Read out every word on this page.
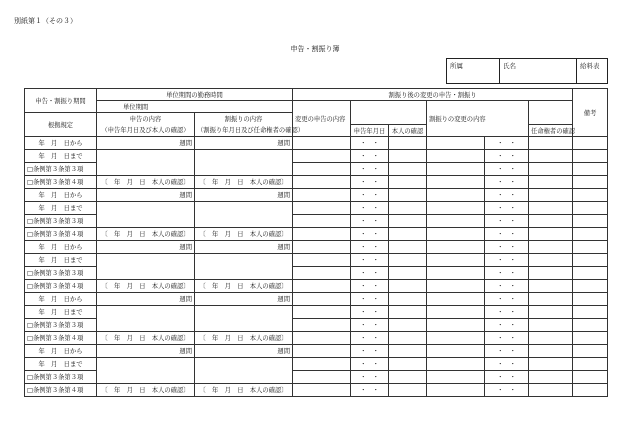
別紙第１（その３）
申告・割振り簿
所属	氏名	給料表
申告・割振り期間	単位期間の勤務時間		割振り後の変更の申告・割振り						備考
	単位期間		変更の申告の内容			割振りの変更の内容			
根拠規定	申告の内容	割振りの内容							
	（申告年月日及び本人の確認）	（割振り年月日及び任命権者の確認）		申告年月日	本人の確認			任命権者の確認	
年　月　日から	週間	週間		・　・			・　・		
年　月　日まで				・　・			・　・		
□条例第３条第３項				・　・			・　・		
□条例第３条第４項	〔　年　月　日　本人の確認〕	〔　年　月　日　本人の確認〕		・　・			・　・		
年　月　日から	週間	週間		・　・			・　・		
年　月　日まで				・　・			・　・		
□条例第３条第３項				・　・			・　・		
□条例第３条第４項	〔　年　月　日　本人の確認〕	〔　年　月　日　本人の確認〕		・　・			・　・		
年　月　日から	週間	週間		・　・			・　・		
年　月　日まで				・　・			・　・		
□条例第３条第３項				・　・			・　・		
□条例第３条第４項	〔　年　月　日　本人の確認〕	〔　年　月　日　本人の確認〕		・　・			・　・		
年　月　日から	週間	週間		・　・			・　・		
年　月　日まで				・　・			・　・		
□条例第３条第３項				・　・			・　・		
□条例第３条第４項	〔　年　月　日　本人の確認〕	〔　年　月　日　本人の確認〕		・　・			・　・		
年　月　日から	週間	週間		・　・			・　・		
年　月　日まで				・　・			・　・		
□条例第３条第３項				・　・			・　・		
□条例第３条第４項	〔　年　月　日　本人の確認〕	〔　年　月　日　本人の確認〕		・　・			・　・		
